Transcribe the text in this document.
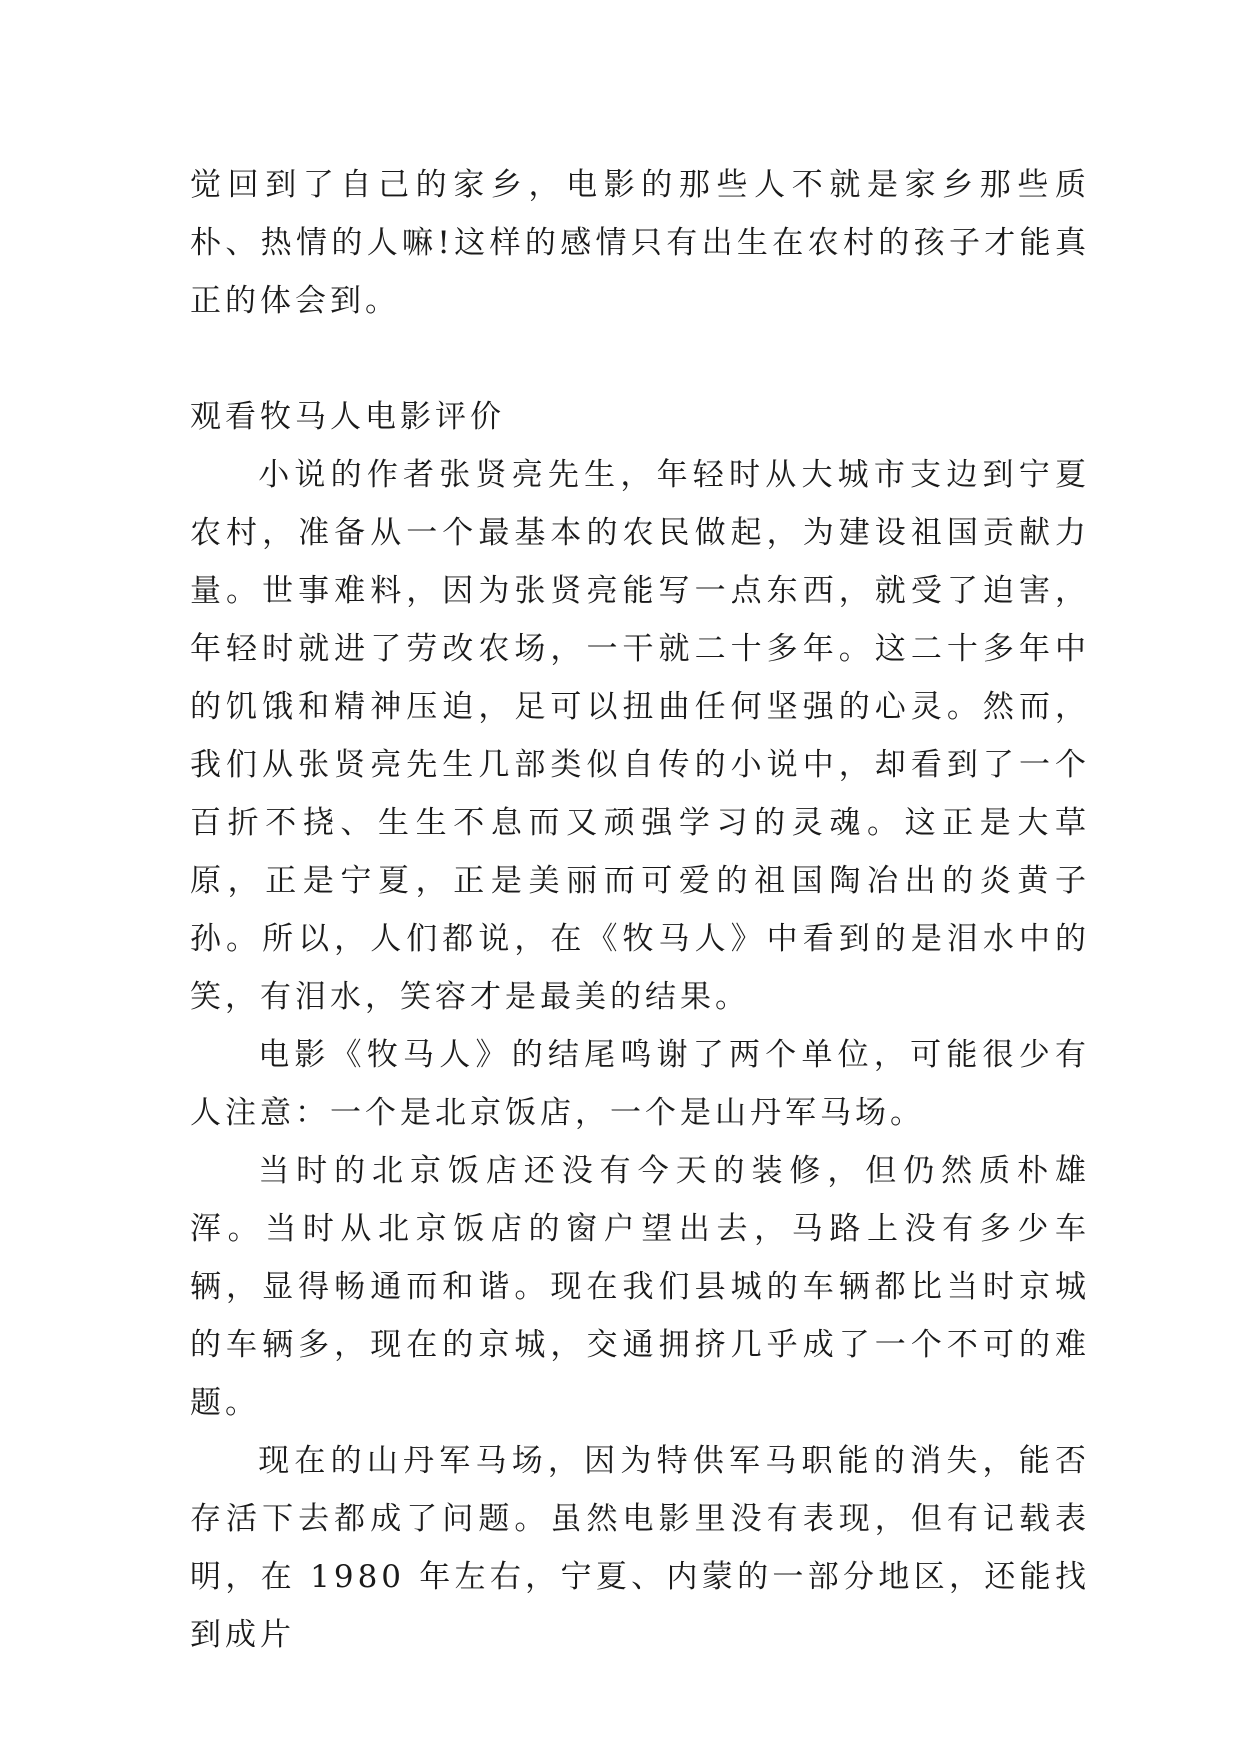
觉回到了自己的家乡，电影的那些人不就是家乡那些质朴、热情的人嘛!这样的感情只有出生在农村的孩子才能真正的体会到。

观看牧马人电影评价

小说的作者张贤亮先生，年轻时从大城市支边到宁夏农村，准备从一个最基本的农民做起，为建设祖国贡献力量。世事难料，因为张贤亮能写一点东西，就受了迫害，年轻时就进了劳改农场，一干就二十多年。这二十多年中的饥饿和精神压迫，足可以扭曲任何坚强的心灵。然而，我们从张贤亮先生几部类似自传的小说中，却看到了一个百折不挠、生生不息而又顽强学习的灵魂。这正是大草原，正是宁夏，正是美丽而可爱的祖国陶冶出的炎黄子孙。所以，人们都说，在《牧马人》中看到的是泪水中的笑，有泪水，笑容才是最美的结果。

电影《牧马人》的结尾鸣谢了两个单位，可能很少有人注意：一个是北京饭店，一个是山丹军马场。

当时的北京饭店还没有今天的装修，但仍然质朴雄浑。当时从北京饭店的窗户望出去，马路上没有多少车辆，显得畅通而和谐。现在我们县城的车辆都比当时京城的车辆多，现在的京城，交通拥挤几乎成了一个不可的难题。

现在的山丹军马场，因为特供军马职能的消失，能否存活下去都成了问题。虽然电影里没有表现，但有记载表明，在 1980 年左右，宁夏、内蒙的一部分地区，还能找到成片
